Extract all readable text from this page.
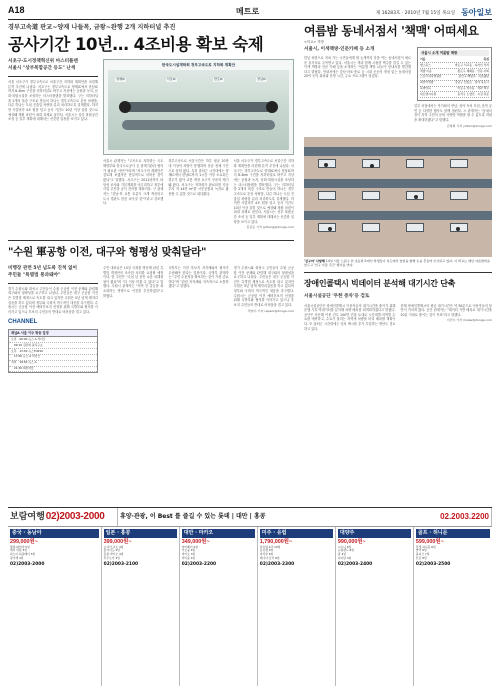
A18	메트로	제 16283호 · 2010년 7월 15일 목요일 동아일보
경부고속道 판교~양재 나들목, 금왕~완행 2개 지하터널 추진
공사기간 10년… 4조비용 확보 숙제
서초구·도시정책혁신위 마스터플랜
서울시 "상부복합공간 등도" 난색
서울 서초구가 경부고속도로 서울구간 지하화 계획안을 마련해 본격 추진에 나섰다. 서초구는 경부고속도로 양재IC에서 한남IC까지 6.4km 구간을 지하터널로 바꾸고 지상에는 공원과 녹지, 문화·복합시설을 조성하는 마스터플랜을 발표했다. 구는 지하터널을 2개의 복층 구조로 만들어 하나는 경부고속도로 본선 차량을, 다른 하나는 도심 진출입 차량을 분리 처리하도록 설계했다. 하지만 사업비가 4조 원을 넘고 공사 기간도 10년 이상 걸릴 것으로 예상돼 재원 마련이 최대 과제로 꼽힌다. 서울시는 상부 복합공간 조성 등 일부 계획에 대해서는 신중한 입장을 보이고 있다.
한국도시설계학회 경부고속도로 지하화 계획안
양재IC	서초IC	반포IC	한남IC
서울시 관계자는 "고속도로 지하화는 국토해양부와 한국도로공사 등 관계기관과 협의가 필요한 사안"이라며 "서초구의 계획안은 검토해 보겠지만 현실적으로 어려운 점이 많다"고 말했다. 서초구는 2012년까지 타당성 조사와 기본계획을 마무리하고 정부에 사업 추진을 공식 건의할 계획이다. 구 관계자는 "강남·북 교통 흐름이 크게 개선되고 도시 경관도 한층 나아질 것"이라고 강조했다.
경부고속도로 서울구간은 하루 평균 20만 대 이상의 차량이 통행하며 상습 정체 구간으로 꼽혀 왔다. 특히 출퇴근 시간대에는 양재IC에서 한남IC까지 1시간 이상 소요되는 경우가 많아 교통 개선 요구가 꾸준히 제기돼 왔다. 서초구는 지하화가 완료되면 지상 부지 약 44만 m²를 시민공원과 녹지로 활용할 수 있을 것으로 내다봤다.
서울 서초구가 경부고속도로 서울구간 지하화 계획안을 마련해 본격 추진에 나섰다. 서초구는 경부고속도로 양재IC에서 한남IC까지 6.4km 구간을 지하터널로 바꾸고 지상에는 공원과 녹지, 문화·복합시설을 조성하는 마스터플랜을 발표했다. 구는 지하터널을 2개의 복층 구조로 만들어 하나는 경부고속도로 본선 차량을, 다른 하나는 도심 진출입 차량을 분리 처리하도록 설계했다. 하지만 사업비가 4조 원을 넘고 공사 기간도 10년 이상 걸릴 것으로 예상돼 재원 마련이 최대 과제로 꼽힌다. 서울시는 상부 복합공간 조성 등 일부 계획에 대해서는 신중한 입장을 보이고 있다.
홍길동 기자 gdhong@donga.com
"수원 軍공항 이전, 대구와 형평성 맞춰달라"
비행장 관련 5년 넘도록 진척 없어
주민들 "특별법 통과돼야"
경기 수원시와 화성시 주민들이 수원 군공항 이전 문제와 관련해 대구와의 형평성을 요구하고 나섰다. 주민들은 대구 군공항 이전은 특별법 제정으로 속도를 내고 있지만 수원은 5년 넘게 제자리걸음을 하고 있다며 정부와 국회의 적극적인 대응을 촉구했다. 수원시는 군공항 이전 예비후보지 선정을 위해 국방부와 협의를 이어가고 있으나 후보지 주민들의 반대로 어려움을 겪고 있다.
CHANNEL
채널A 서울 이주 방송 일정
오전 06:00 뉴스 A 라이브
09:10 김진의 돌직구쇼
오후 13:50 뉴스TOP10
17:00 뉴스 A 라이브
저녁 19:50 뉴스 A
21:30 외부자들
주민 대표들은 15일 국회를 방문해 관련 특별법 개정안의 조속한 처리를 요청할 예정이다. 한 주민은 "수십 년 동안 소음 피해를 참아 왔다"며 "더 이상 미룰 수 없다"고 말했다. 수원시 관계자는 "지역 간 갈등을 최소화하는 방향으로 이전을 추진하겠다"고 밝혔다.
국방부는 이전 후보지 지자체와의 협의가 우선돼야 한다는 입장이다. 국방부 관계자는 "주민 수용성을 확보하는 것이 가장 중요하다"며 "관련 지자체와 지속적으로 소통하겠다"고 말했다.
경기 수원시와 화성시 주민들이 수원 군공항 이전 문제와 관련해 대구와의 형평성을 요구하고 나섰다. 주민들은 대구 군공항 이전은 특별법 제정으로 속도를 내고 있지만 수원은 5년 넘게 제자리걸음을 하고 있다며 정부와 국회의 적극적인 대응을 촉구했다. 수원시는 군공항 이전 예비후보지 선정을 위해 국방부와 협의를 이어가고 있으나 후보지 주민들의 반대로 어려움을 겪고 있다.
박철수 기자 cspark@donga.com
여름밤 동네서점서 '책맥' 어떠세요
<학교> 책방
서울시, 이색책방·인문카페 등 소개
한낮 폭염으로 지쳐 가는 시민들에게 밤 늦게까지 문을 여는 동네서점이 새로운 휴식처로 주목받고 있다. 서울시는 책과 함께 시원한 맥주를 즐길 수 있는 이색 책방과 인문 카페 등을 소개하는 '여름밤 책방 나들이' 안내서를 발간했다고 밝혔다. 안내서에는 강남·마포·종로 등 시내 곳곳의 개성 있는 동네서점 20여 곳의 위치와 운영 시간, 주요 프로그램이 담겼다.
서울시 소개 여름밤 책방
이름	특징
땡스북스	마포구 서교동 · 디자인 서적
책방 이음	종로구 혜화동 · 인문·사회
스토리지북앤필름	용산구 해방촌 · 독립출판
최인아책방	강남구 선릉로 · 심야 북토크
북바이북	마포구 상수동 · 책과 맥주
위트앤시니컬	동작구 노량진 · 시집 전문
일부 서점에서는 작가와의 만남, 심야 독서 모임, 음악 공연 등 다양한 행사도 함께 열린다. 시 관계자는 "동네서점이 지역 주민의 문화 사랑방 역할을 할 수 있도록 지원을 확대하겠다"고 말했다.
김영희 기자 yhkim@donga.com
'진구야' 사랑해 14일 서울 노원구 한 초등학교에서 학생들이 복도에서 창밖을 향해 손을 흔들며 인사하고 있다. 이 학교는 매년 여름방학을 앞두고 '친구 사랑 주간' 행사를 연다.
장애인콜택시 빅데이터 분석해 대기시간 단축
서울시설공단 '무한 증차'등 검토
서울시설공단은 장애인콜택시 이용자들의 대기시간을 줄이기 위해 운행 기록 빅데이터를 분석해 차량 배치를 최적화하겠다고 밝혔다. 공단은 지난해 이용 건수 100만 건을 토대로 시간대별·지역별 수요를 예측하고, 수요가 몰리는 지역에 차량을 미리 배치할 계획이다. 또 출퇴근 시간대에는 임차 택시를 추가 투입하는 방안도 검토하고 있다.
현재 장애인콜택시의 평균 대기시간은 약 30분으로 이용자들의 불만이 이어져 왔다. 공단 관계자는 "데이터 기반 배차로 대기시간을 20분 이내로 줄이는 것이 목표"라고 말했다.
이민수 기자 mslee@donga.com
보람여행 02)2003-2000	휴양·관광, 이 Best 를 즐길 수 있는 롯데 | 대만 | 홍콩	02.2003.2200
중국 · 동남아
299,000원~
방콕·파타야 5일
세부 막탄 5일
하노이·하롱베이 5일
장가계 4일
02)2003-2000
일본 · 홍콩
399,000원~
오사카·교토 4일
홋카이도 4일
홍콩·마카오 4일
후쿠오카 3일
02)2003-2100
대만 · 마카오
349,000원~
타이베이 4일
가오슝 4일
마카오 3일
타이중 4일
02)2003-2200
미주 · 유럽
1,790,000원~
서유럽 4국 10일
동유럽 9일
미서부 8일
캐나다 로키 8일
02)2003-2300
대양주
990,000원~
시드니 6일
뉴질랜드 8일
괌 4일
사이판 4일
02)2003-2400
골프 · 허니문
599,000원~
푸껫 허니문 6일
발리 6일
몰디브 7일
칸쿤 8일
02)2003-2500
